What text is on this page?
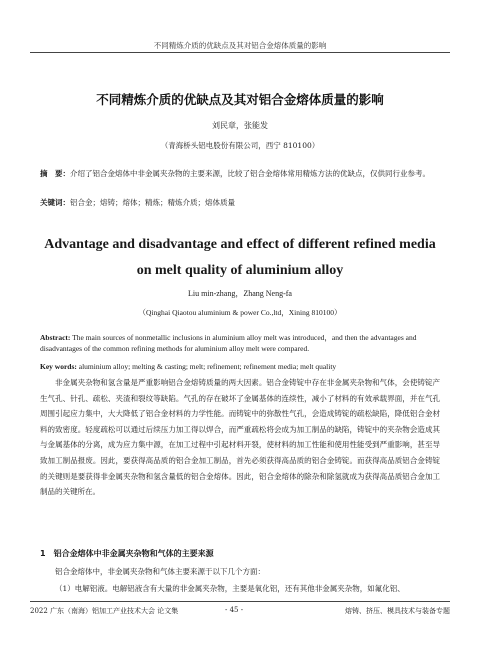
不同精炼介质的优缺点及其对铝合金熔体质量的影响
不同精炼介质的优缺点及其对铝合金熔体质量的影响
刘民章，张能发
（青海桥头铝电股份有限公司，西宁 810100）
摘　要：介绍了铝合金熔体中非金属夹杂物的主要来源，比较了铝合金熔体常用精炼方法的优缺点，仅供同行业参考。
关键词：铝合金；熔铸；熔体；精炼；精炼介质；熔体质量
Advantage and disadvantage and effect of different refined media on melt quality of aluminium alloy
Liu min-zhang，Zhang Neng-fa
（Qinghai Qiaotou aluminium & power Co.,ltd，Xining 810100）
Abstract: The main sources of nonmetallic inclusions in aluminium alloy melt was introduced，and then the advantages and disadvantages of the common refining methods for aluminium alloy melt were compared.
Key words: aluminium alloy; melting & casting; melt; refinement; refinement media; melt quality
非金属夹杂物和氢含量是严重影响铝合金熔铸质量的两大因素。铝合金铸锭中存在非金属夹杂物和气体，会使铸锭产生气孔、针孔、疏松、夹渣和裂纹等缺陷。气孔的存在破坏了金属基体的连续性，减小了材料的有效承载界面，并在气孔周围引起应力集中，大大降低了铝合金材料的力学性能。而铸锭中的弥散性气孔，会造成铸锭的疏松缺陷，降低铝合金材料的致密度。轻度疏松可以通过后续压力加工得以焊合，而严重疏松将会成为加工制品的缺陷，铸锭中的夹杂物会造成其与金属基体的分离，成为应力集中源，在加工过程中引起材料开裂，使材料的加工性能和使用性能受到严重影响，甚至导致加工制品报废。因此，要获得高品质的铝合金加工制品，首先必须获得高品质的铝合金铸锭。而获得高品质铝合金铸锭的关键则是要获得非金属夹杂物和氢含量低的铝合金熔体。因此，铝合金熔体的除杂和除氢就成为获得高品质铝合金加工制品的关键所在。
1　铝合金熔体中非金属夹杂物和气体的主要来源
铝合金熔体中，非金属夹杂物和气体主要来源于以下几个方面：
（1）电解铝液。电解铝液含有大量的非金属夹杂物，主要是氧化铝，还有其他非金属夹杂物，如氟化铝、
2022 广东（南海）铝加工产业技术大会 论文集	- 45 -	熔铸、挤压、模具技术与装备专题
